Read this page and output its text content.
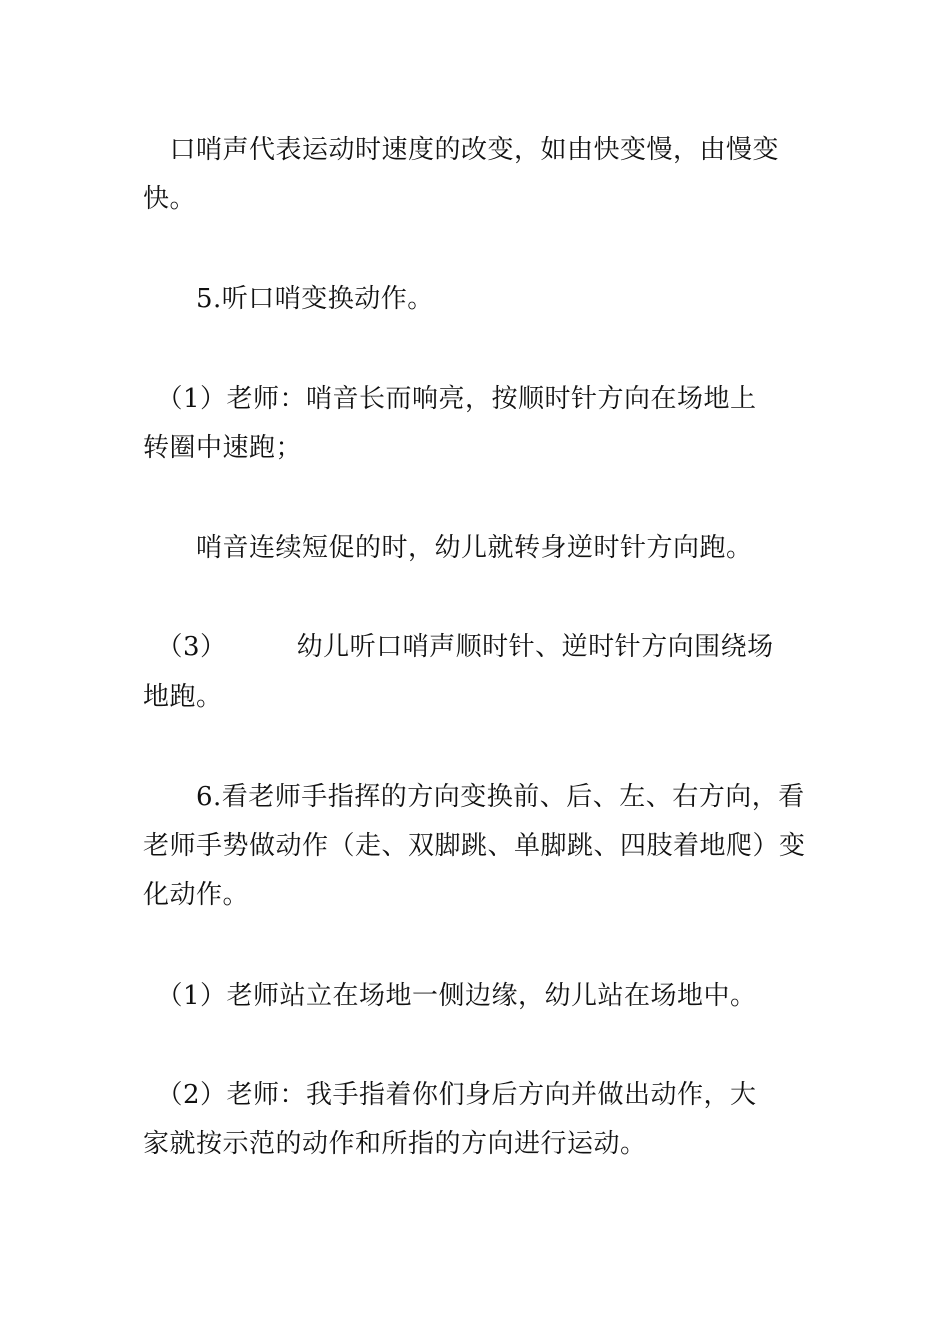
　口哨声代表运动时速度的改变，如由快变慢，由慢变
快。
　　5.听口哨变换动作。
　（1）老师：哨音长而响亮，按顺时针方向在场地上
转圈中速跑；
　　哨音连续短促的时，幼儿就转身逆时针方向跑。
　（3）	幼儿听口哨声顺时针、逆时针方向围绕场
地跑。
　　6.看老师手指挥的方向变换前、后、左、右方向，看
老师手势做动作（走、双脚跳、单脚跳、四肢着地爬）变
化动作。
　（1）老师站立在场地一侧边缘，幼儿站在场地中。
　（2）老师：我手指着你们身后方向并做出动作，大
家就按示范的动作和所指的方向进行运动。
